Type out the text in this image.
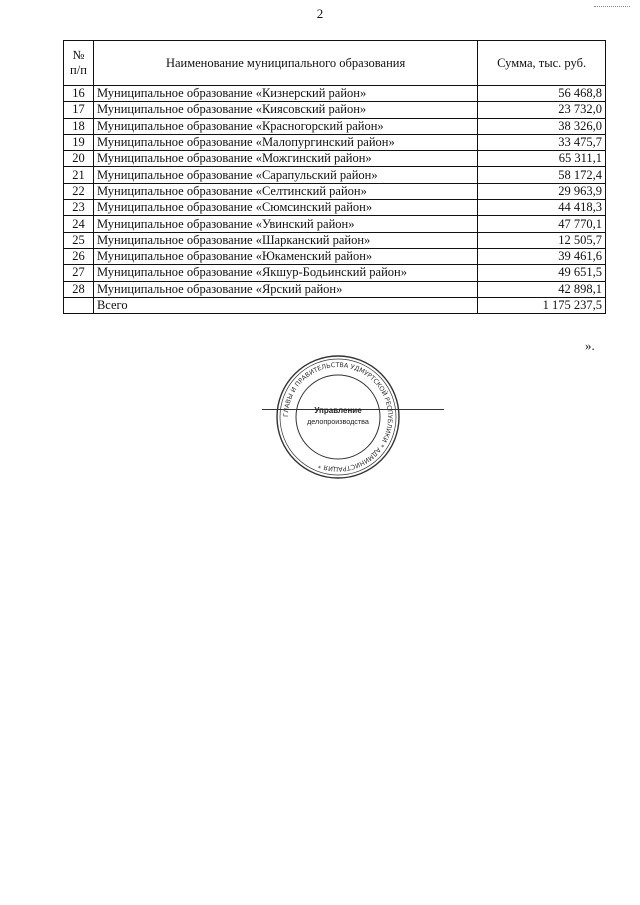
2
№
п/п	Наименование муниципального образования	Сумма, тыс. руб.
16	Муниципальное образование «Кизнерский район»	56 468,8
17	Муниципальное образование «Киясовский район»	23 732,0
18	Муниципальное образование «Красногорский район»	38 326,0
19	Муниципальное образование «Малопургинский район»	33 475,7
20	Муниципальное образование «Можгинский район»	65 311,1
21	Муниципальное образование «Сарапульский район»	58 172,4
22	Муниципальное образование «Селтинский район»	29 963,9
23	Муниципальное образование «Сюмсинский район»	44 418,3
24	Муниципальное образование «Увинский район»	47 770,1
25	Муниципальное образование «Шарканский район»	12 505,7
26	Муниципальное образование «Юкаменский район»	39 461,6
27	Муниципальное образование «Якшур-Бодьинский район»	49 651,5
28	Муниципальное образование «Ярский район»	42 898,1
	Всего	1 175 237,5
».
ГЛАВЫ И ПРАВИТЕЛЬСТВА УДМУРТСКОЙ РЕСПУБЛИКИ * АДМИНИСТРАЦИЯ *
Управление
делопроизводства
